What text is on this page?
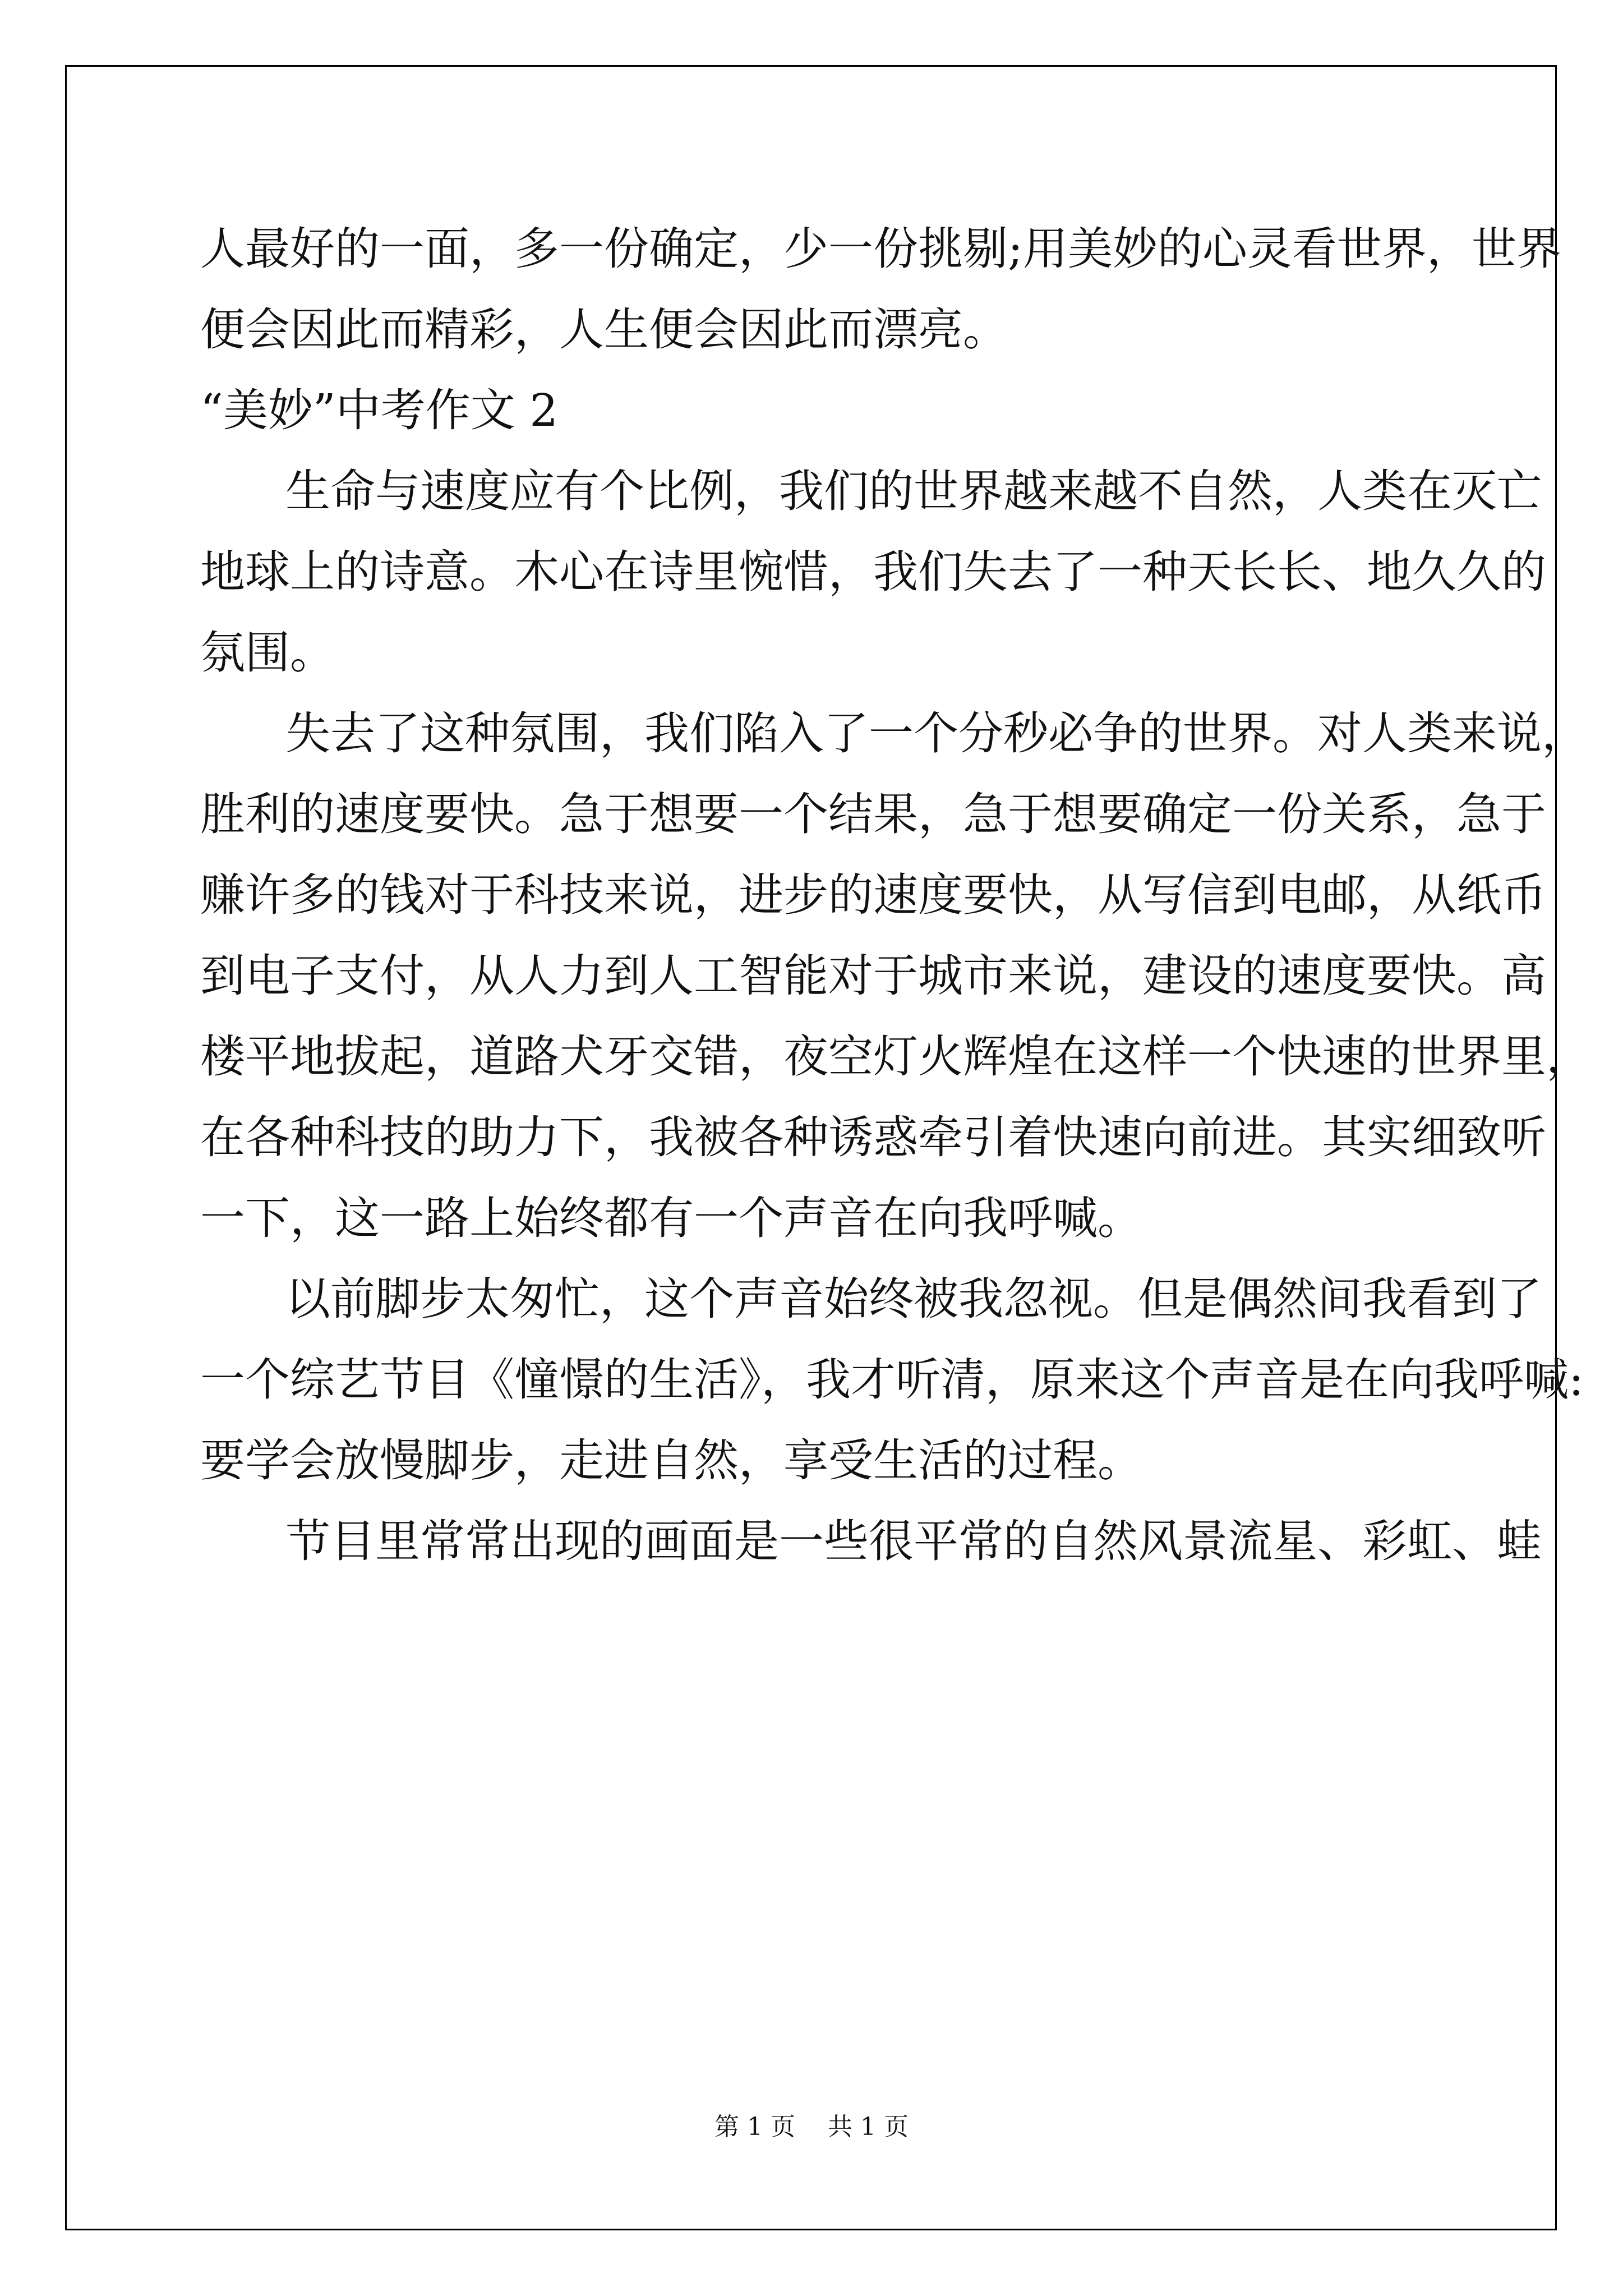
人最好的一面，多一份确定，少一份挑剔;用美妙的心灵看世界，世界
便会因此而精彩，人生便会因此而漂亮。
“美妙”中考作文 2
生命与速度应有个比例，我们的世界越来越不自然，人类在灭亡
地球上的诗意。木心在诗里惋惜，我们失去了一种天长长、地久久的
氛围。
失去了这种氛围，我们陷入了一个分秒必争的世界。对人类来说，
胜利的速度要快。急于想要一个结果，急于想要确定一份关系，急于
赚许多的钱对于科技来说，进步的速度要快，从写信到电邮，从纸币
到电子支付，从人力到人工智能对于城市来说，建设的速度要快。高
楼平地拔起，道路犬牙交错，夜空灯火辉煌在这样一个快速的世界里，
在各种科技的助力下，我被各种诱惑牵引着快速向前进。其实细致听
一下，这一路上始终都有一个声音在向我呼喊。
以前脚步太匆忙，这个声音始终被我忽视。但是偶然间我看到了
一个综艺节目《憧憬的生活》，我才听清，原来这个声音是在向我呼喊:
要学会放慢脚步，走进自然，享受生活的过程。
节目里常常出现的画面是一些很平常的自然风景流星、彩虹、蛙
第 1 页　 共 1 页
